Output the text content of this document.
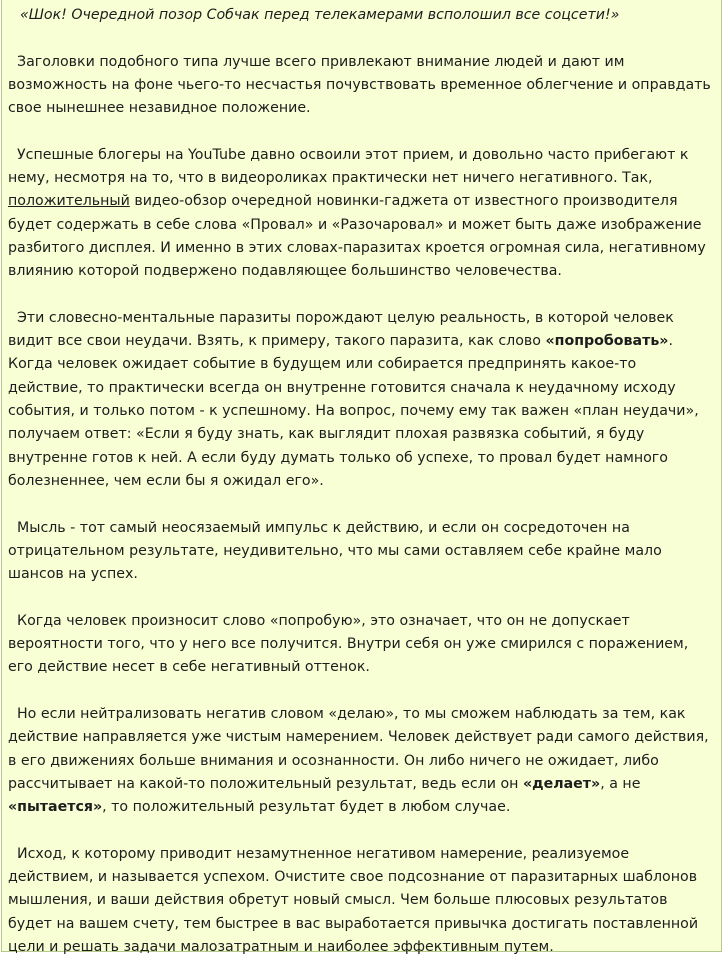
«Шок! Очередной позор Собчак перед телекамерами всполошил все соцсети!»

Заголовки подобного типа лучше всего привлекают внимание людей и дают им возможность на фоне чьего-то несчастья почувствовать временное облегчение и оправдать свое нынешнее незавидное положение.

Успешные блогеры на YouTube давно освоили этот прием, и довольно часто прибегают к нему, несмотря на то, что в видеороликах практически нет ничего негативного. Так, положительный видео-обзор очередной новинки-гаджета от известного производителя будет содержать в себе слова «Провал» и «Разочаровал» и может быть даже изображение разбитого дисплея. И именно в этих словах-паразитах кроется огромная сила, негативному влиянию которой подвержено подавляющее большинство человечества.

Эти словесно-ментальные паразиты порождают целую реальность, в которой человек видит все свои неудачи. Взять, к примеру, такого паразита, как слово «попробовать». Когда человек ожидает событие в будущем или собирается предпринять какое-то действие, то практически всегда он внутренне готовится сначала к неудачному исходу события, и только потом - к успешному. На вопрос, почему ему так важен «план неудачи», получаем ответ: «Если я буду знать, как выглядит плохая развязка событий, я буду внутренне готов к ней. А если буду думать только об успехе, то провал будет намного болезненнее, чем если бы я ожидал его».

Мысль - тот самый неосязаемый импульс к действию, и если он сосредоточен на отрицательном результате, неудивительно, что мы сами оставляем себе крайне мало шансов на успех.

Когда человек произносит слово «попробую», это означает, что он не допускает вероятности того, что у него все получится. Внутри себя он уже смирился с поражением, его действие несет в себе негативный оттенок.

Но если нейтрализовать негатив словом «делаю», то мы сможем наблюдать за тем, как действие направляется уже чистым намерением. Человек действует ради самого действия, в его движениях больше внимания и осознанности. Он либо ничего не ожидает, либо рассчитывает на какой-то положительный результат, ведь если он «делает», а не «пытается», то положительный результат будет в любом случае.

Исход, к которому приводит незамутненное негативом намерение, реализуемое действием, и называется успехом. Очистите свое подсознание от паразитарных шаблонов мышления, и ваши действия обретут новый смысл. Чем больше плюсовых результатов будет на вашем счету, тем быстрее в вас выработается привычка достигать поставленной цели и решать задачи малозатратным и наиболее эффективным путем.
